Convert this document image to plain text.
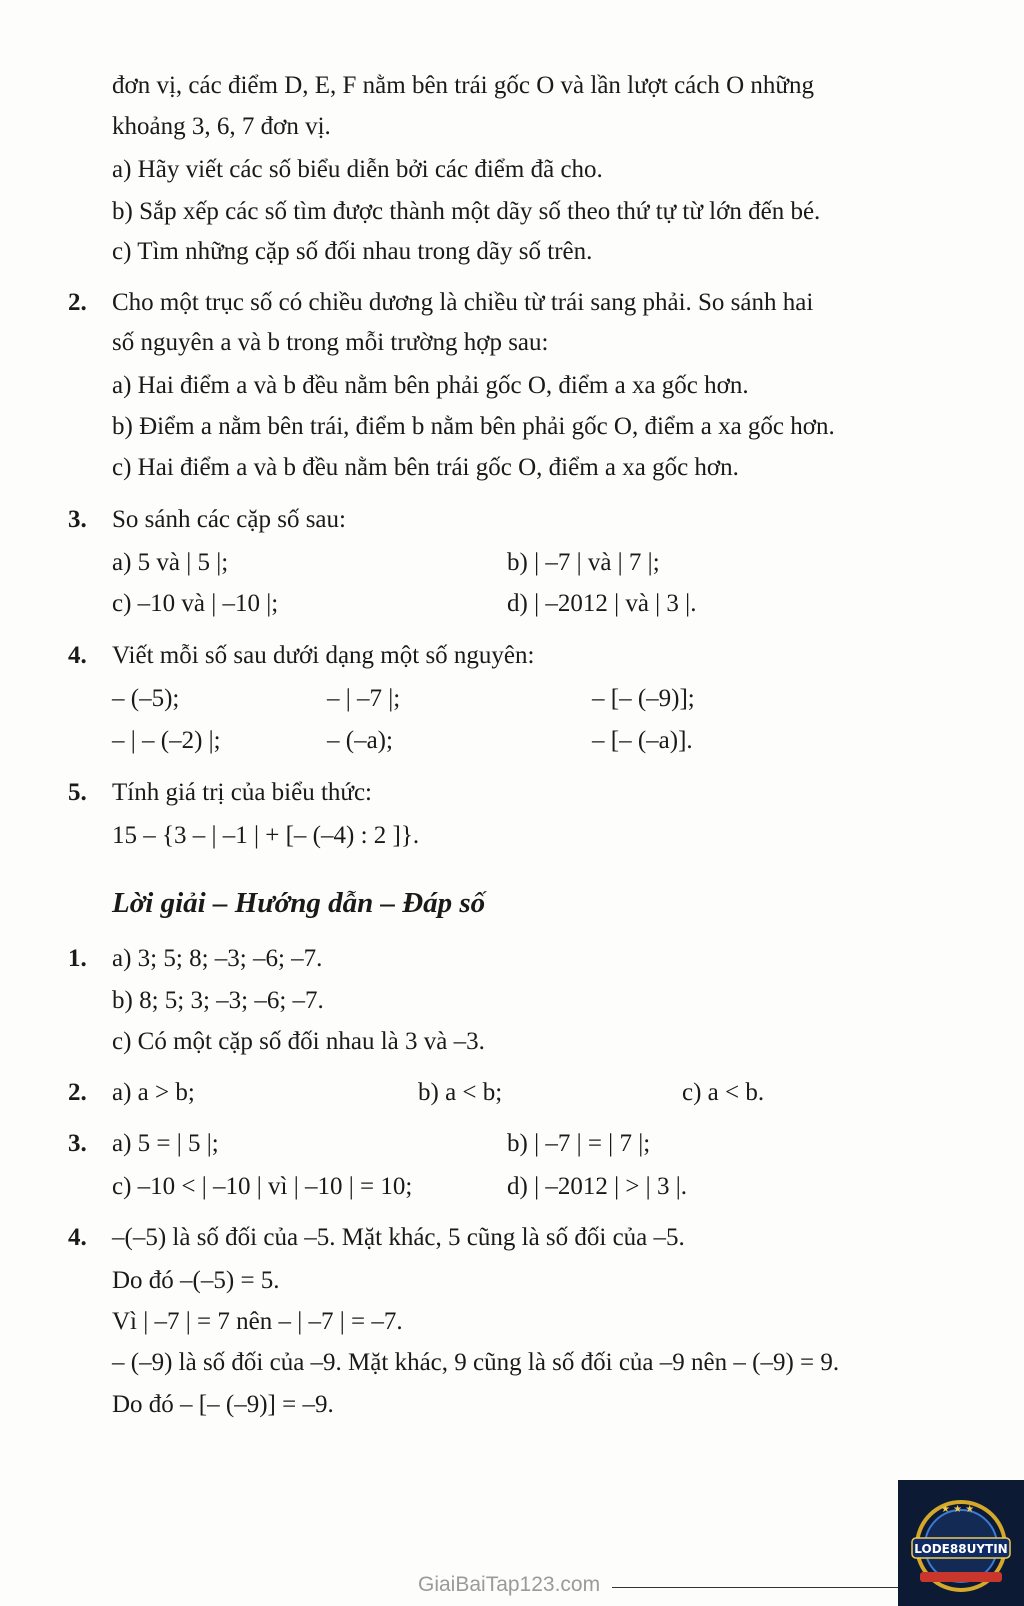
đơn vị, các điểm D, E, F nằm bên trái gốc O và lần lượt cách O những
khoảng 3, 6, 7 đơn vị.
a) Hãy viết các số biểu diễn bởi các điểm đã cho.
b) Sắp xếp các số tìm được thành một dãy số theo thứ tự từ lớn đến bé.
c) Tìm những cặp số đối nhau trong dãy số trên.
2. Cho một trục số có chiều dương là chiều từ trái sang phải. So sánh hai
số nguyên a và b trong mỗi trường hợp sau:
a) Hai điểm a và b đều nằm bên phải gốc O, điểm a xa gốc hơn.
b) Điểm a nằm bên trái, điểm b nằm bên phải gốc O, điểm a xa gốc hơn.
c) Hai điểm a và b đều nằm bên trái gốc O, điểm a xa gốc hơn.
3. So sánh các cặp số sau:
a) 5 và | 5 |;	b) | –7 | và | 7 |;
c) –10 và | –10 |;	d) | –2012 | và | 3 |.
4. Viết mỗi số sau dưới dạng một số nguyên:
– (–5);	– | –7 |;	– [– (–9)];
– | – (–2) |;	– (–a);	– [– (–a)].
5. Tính giá trị của biểu thức:
15 – {3 – | –1 | + [– (–4) : 2 ]}.
Lời giải – Hướng dẫn – Đáp số
1. a) 3; 5; 8; –3; –6; –7.
b) 8; 5; 3; –3; –6; –7.
c) Có một cặp số đối nhau là 3 và –3.
2. a) a > b;	b) a < b;	c) a < b.
3. a) 5 = | 5 |;	b) | –7 | = | 7 |;
c) –10 < | –10 | vì | –10 | = 10;	d) | –2012 | > | 3 |.
4. –(–5) là số đối của –5. Mặt khác, 5 cũng là số đối của –5.
Do đó –(–5) = 5.
Vì | –7 | = 7 nên – | –7 | = –7.
– (–9) là số đối của –9. Mặt khác, 9 cũng là số đối của –9 nên – (–9) = 9.
Do đó – [– (–9)] = –9.
GiaiBaiTap123.com
★ ★ ★
LODE88UYTIN
